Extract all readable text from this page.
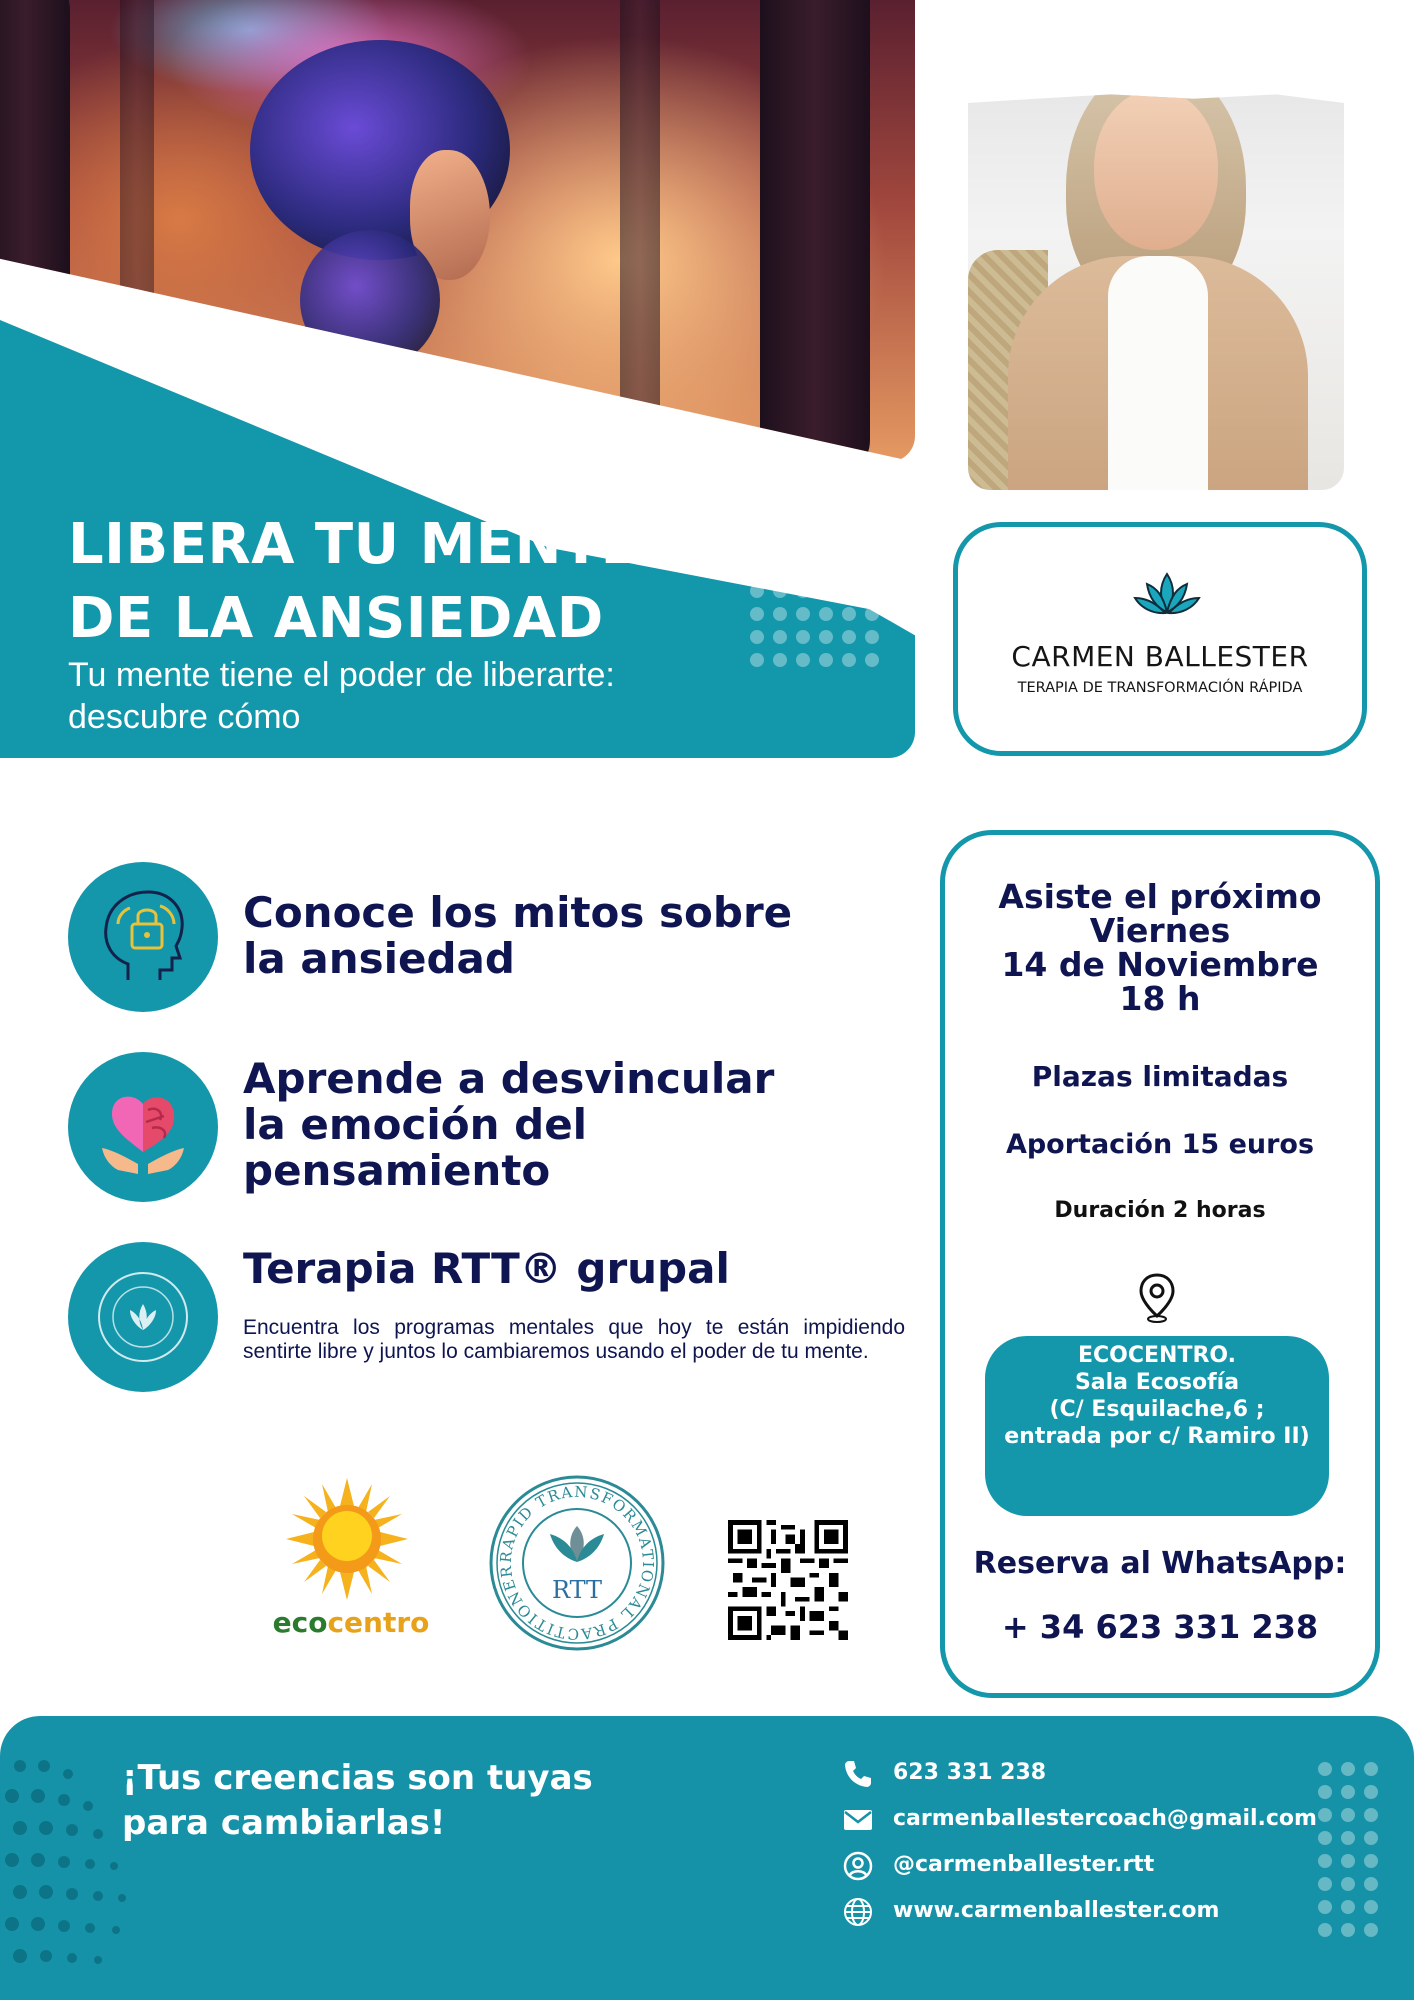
LIBERA TU MENTE
DE LA ANSIEDAD
Tu mente tiene el poder de liberarte:
descubre cómo
CARMEN BALLESTER
TERAPIA DE TRANSFORMACIÓN RÁPIDA
Conoce los mitos sobre
la ansiedad
Aprende a desvincular
la emoción del
pensamiento
Terapia RTT® grupal
Encuentra los programas mentales que hoy te están impidiendo sentirte libre y juntos lo cambiaremos usando el poder de tu mente.
Asiste el próximo
Viernes
14 de Noviembre
18 h
Plazas limitadas
Aportación 15 euros
Duración 2 horas
ECOCENTRO.
Sala Ecosofía
(C/ Esquilache,6 ;
entrada por c/ Ramiro II)
Reserva al WhatsApp:
+ 34 623 331 238
ecocentro
RAPID TRANSFORMATIONAL PRACTITIONER
RTT
¡Tus creencias son tuyas
para cambiarlas!
623 331 238
carmenballestercoach@gmail.com
@carmenballester.rtt
www.carmenballester.com
